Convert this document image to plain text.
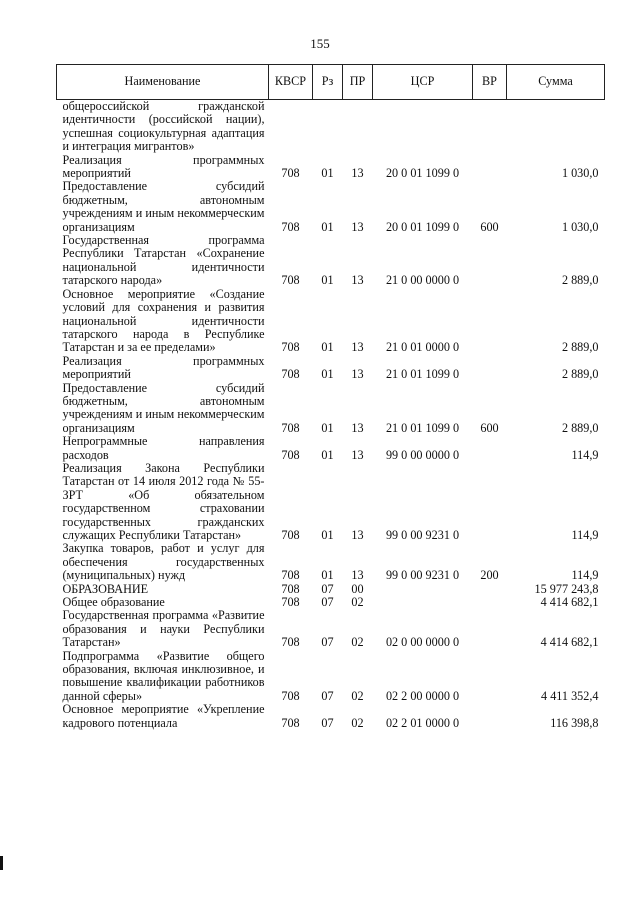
155
Наименование	КВСР	Рз	ПР	ЦСР	ВР	Сумма
общероссийской гражданской идентичности (российской нации), успешная социокультурная адаптация и интеграция мигрантов»						
Реализация программных мероприятий	708	01	13	20 0 01 1099 0		1 030,0
Предоставление субсидий бюджетным, автономным учреждениям и иным некоммерческим организациям	708	01	13	20 0 01 1099 0	600	1 030,0
Государственная программа Республики Татарстан «Сохранение национальной идентичности татарского народа»	708	01	13	21 0 00 0000 0		2 889,0
Основное мероприятие «Создание условий для сохранения и развития национальной идентичности татарского народа в Республике Татарстан и за ее пределами»	708	01	13	21 0 01 0000 0		2 889,0
Реализация программных мероприятий	708	01	13	21 0 01 1099 0		2 889,0
Предоставление субсидий бюджетным, автономным учреждениям и иным некоммерческим организациям	708	01	13	21 0 01 1099 0	600	2 889,0
Непрограммные направления расходов	708	01	13	99 0 00 0000 0		114,9
Реализация Закона Республики Татарстан от 14 июля 2012 года № 55-ЗРТ «Об обязательном государственном страховании государственных гражданских служащих Республики Татарстан»	708	01	13	99 0 00 9231 0		114,9
Закупка товаров, работ и услуг для обеспечения государственных (муниципальных) нужд	708	01	13	99 0 00 9231 0	200	114,9
ОБРАЗОВАНИЕ	708	07	00			15 977 243,8
Общее образование	708	07	02			4 414 682,1
Государственная программа «Развитие образования и науки Республики Татарстан»	708	07	02	02 0 00 0000 0		4 414 682,1
Подпрограмма «Развитие общего образования, включая инклюзивное, и повышение квалификации работников данной сферы»	708	07	02	02 2 00 0000 0		4 411 352,4
Основное мероприятие «Укрепление кадрового потенциала	708	07	02	02 2 01 0000 0		116 398,8
